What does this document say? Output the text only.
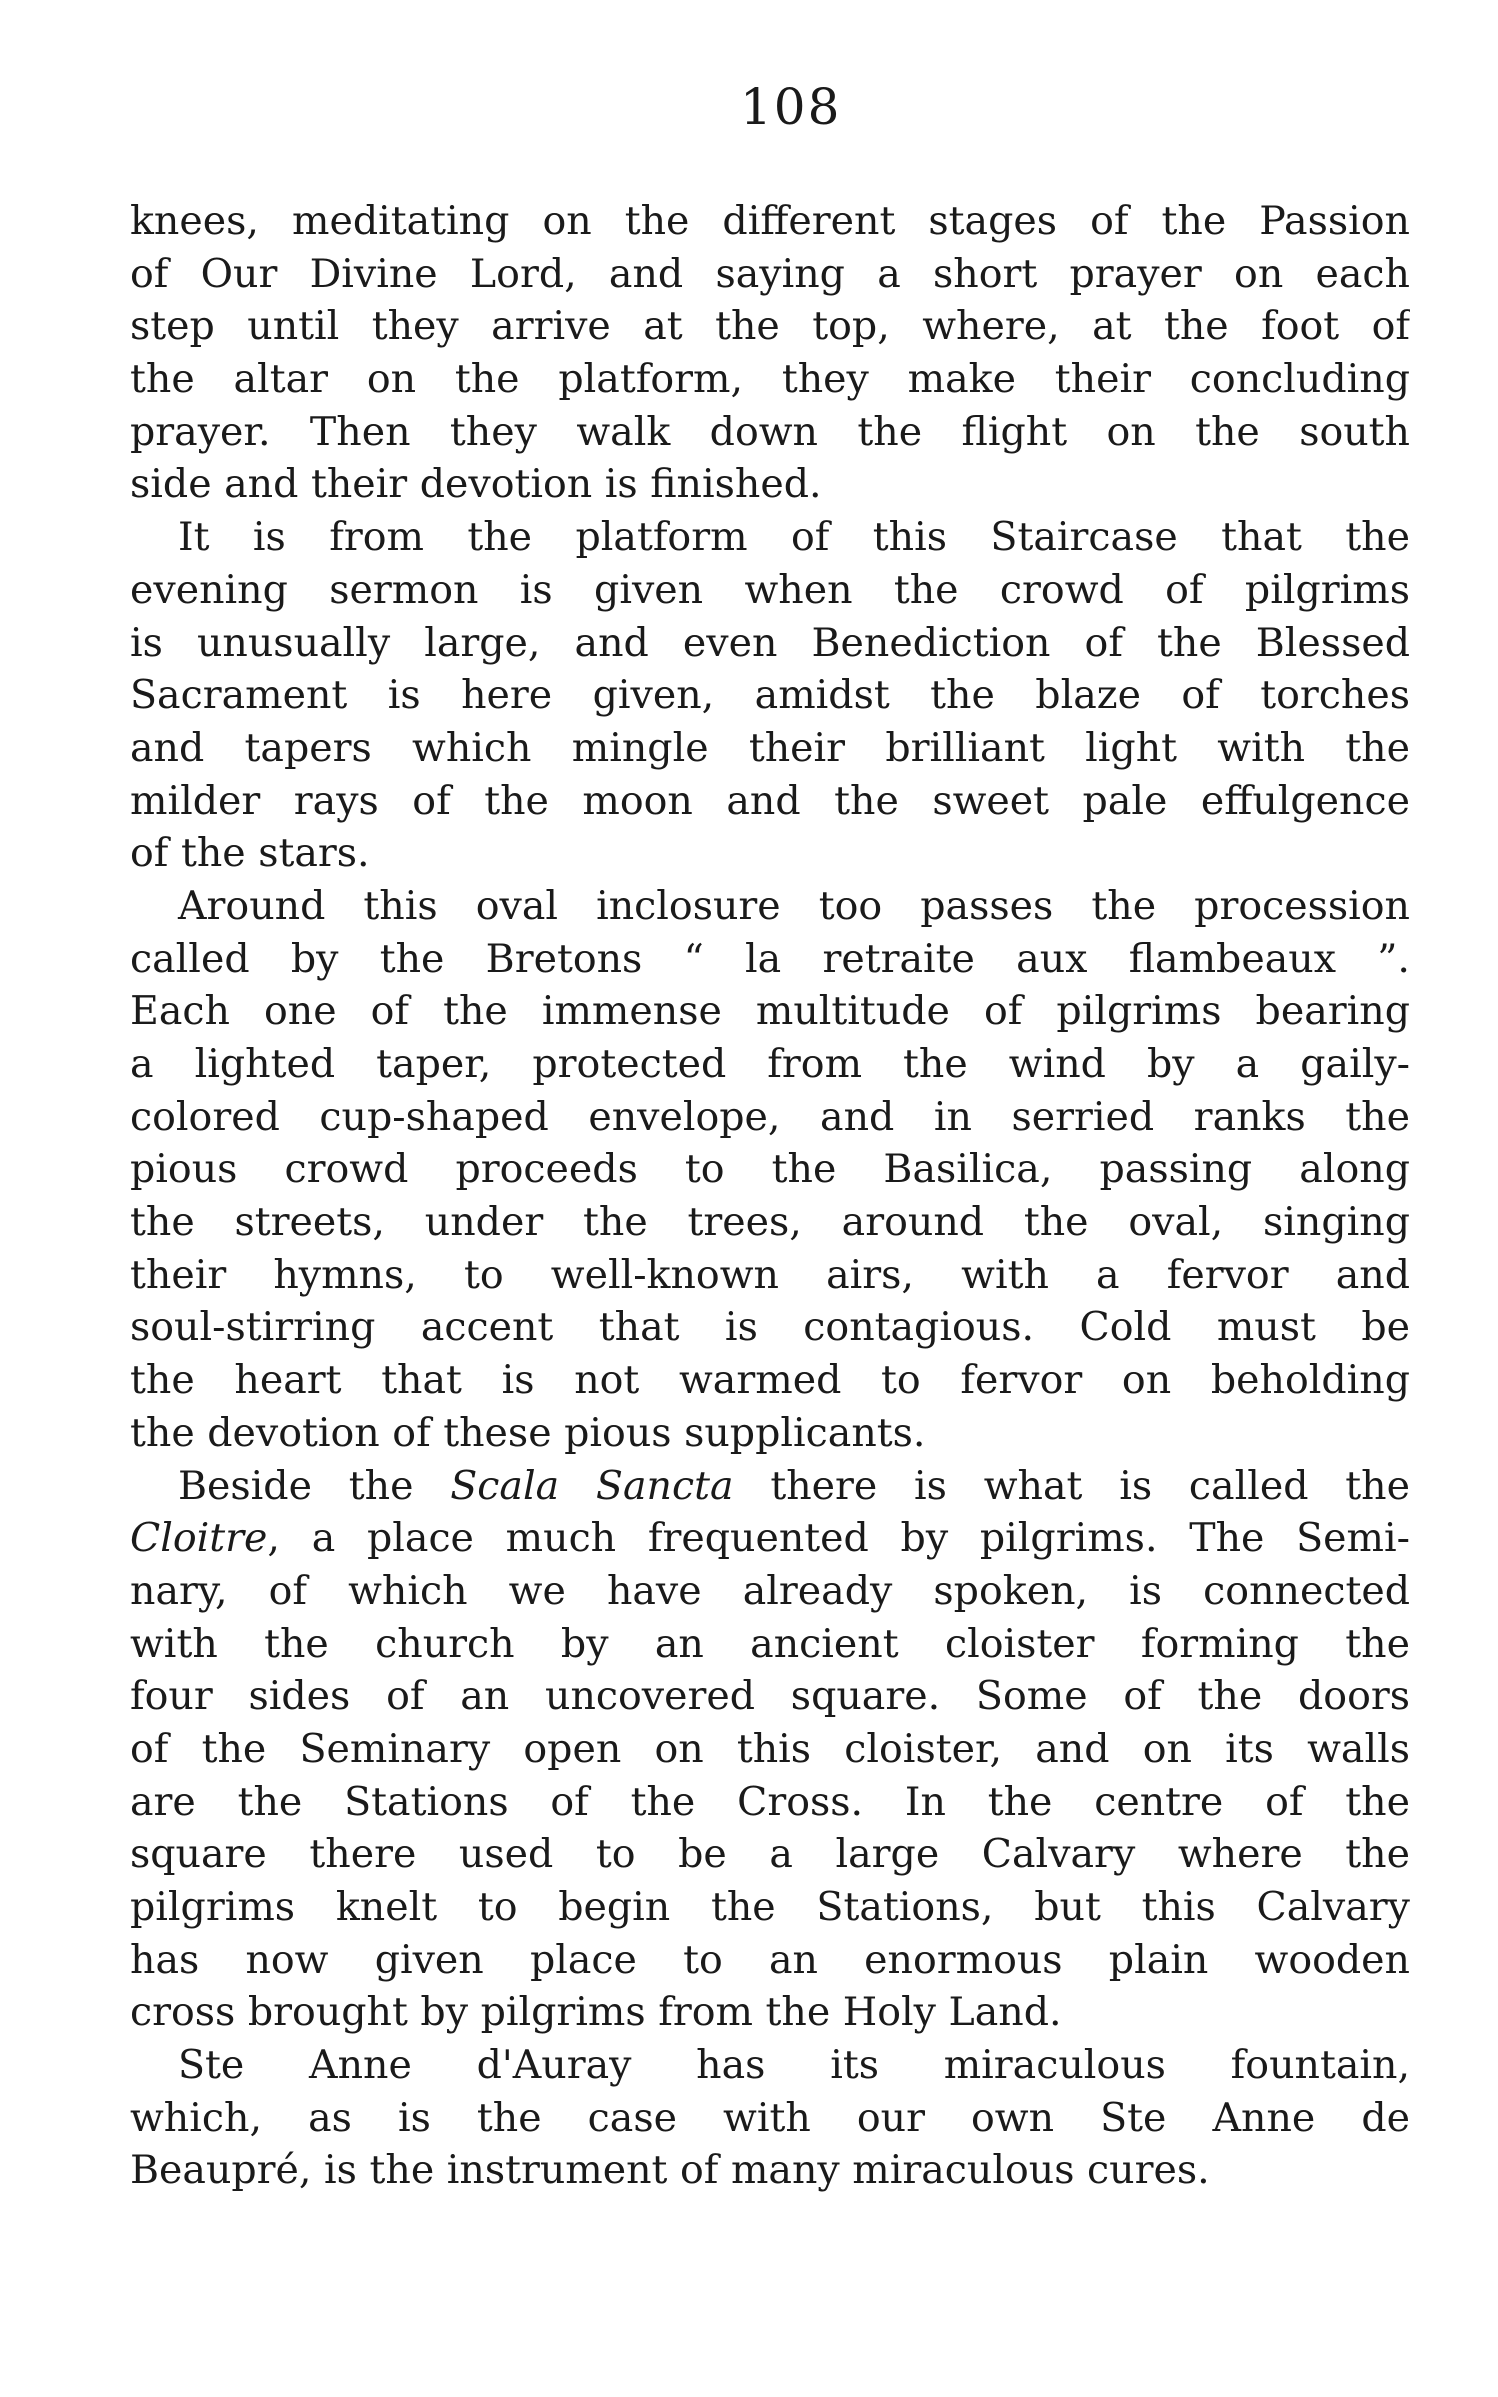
108
knees, meditating on the different stages of the Passion
of Our Divine Lord, and saying a short prayer on each
step until they arrive at the top, where, at the foot of
the altar on the platform, they make their concluding
prayer. Then they walk down the flight on the south
side and their devotion is finished.
It is from the platform of this Staircase that the
evening sermon is given when the crowd of pilgrims
is unusually large, and even Benediction of the Blessed
Sacrament is here given, amidst the blaze of torches
and tapers which mingle their brilliant light with the
milder rays of the moon and the sweet pale effulgence
of the stars.
Around this oval inclosure too passes the procession
called by the Bretons “ la retraite aux flambeaux ”.
Each one of the immense multitude of pilgrims bearing
a lighted taper, protected from the wind by a gaily-
colored cup-shaped envelope, and in serried ranks the
pious crowd proceeds to the Basilica, passing along
the streets, under the trees, around the oval, singing
their hymns, to well-known airs, with a fervor and
soul-stirring accent that is contagious. Cold must be
the heart that is not warmed to fervor on beholding
the devotion of these pious supplicants.
Beside the Scala Sancta there is what is called the
Cloitre, a place much frequented by pilgrims. The Semi-
nary, of which we have already spoken, is connected
with the church by an ancient cloister forming the
four sides of an uncovered square. Some of the doors
of the Seminary open on this cloister, and on its walls
are the Stations of the Cross. In the centre of the
square there used to be a large Calvary where the
pilgrims knelt to begin the Stations, but this Calvary
has now given place to an enormous plain wooden
cross brought by pilgrims from the Holy Land.
Ste Anne d'Auray has its miraculous fountain,
which, as is the case with our own Ste Anne de
Beaupré, is the instrument of many miraculous cures.
